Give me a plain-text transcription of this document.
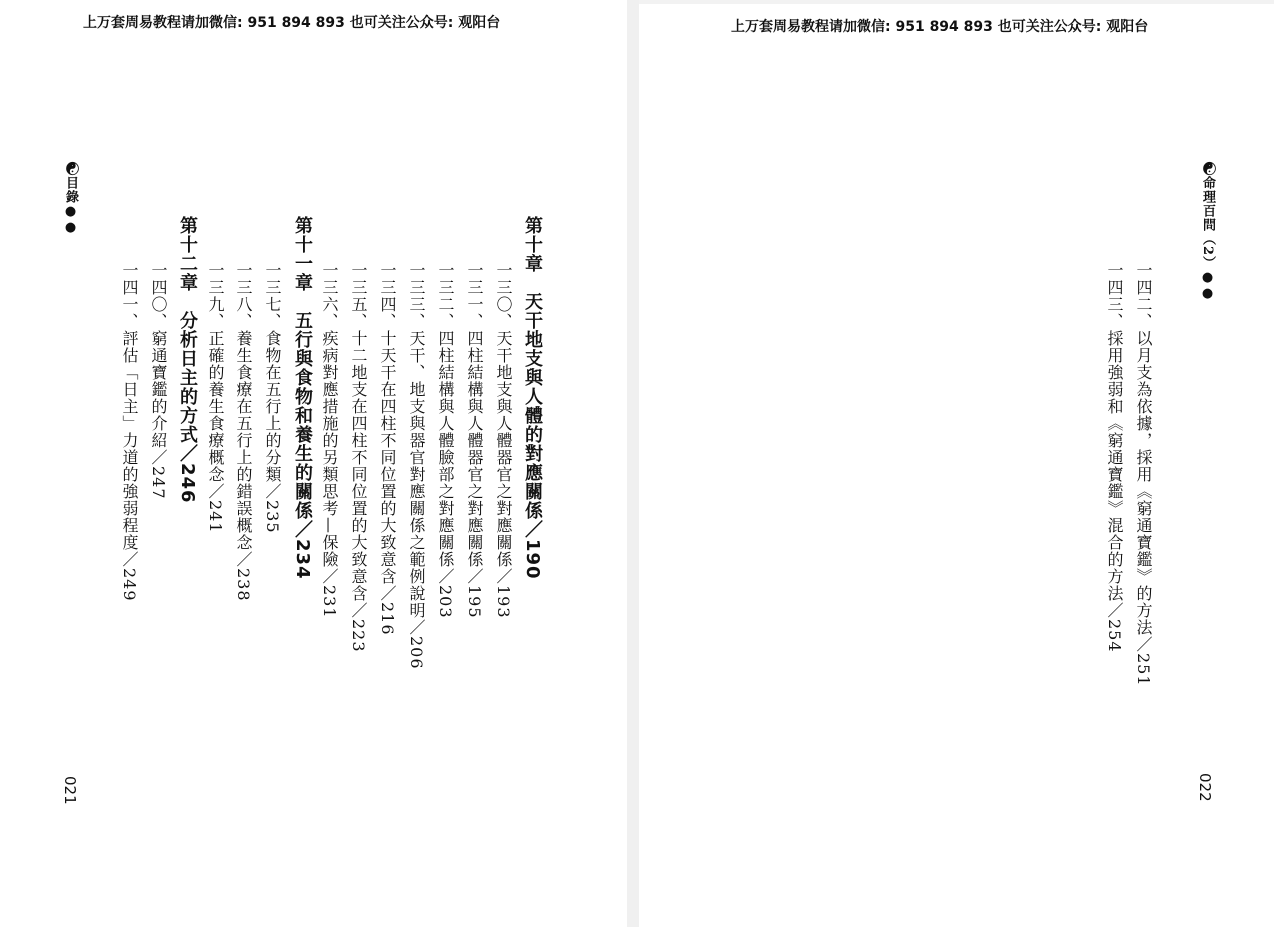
上万套周易教程请加微信: 951 894 893 也可关注公众号: 观阳台
☯目錄●●
第十章　天干地支與人體的對應關係／190
一三〇、天干地支與人體器官之對應關係／193
一三一、四柱結構與人體器官之對應關係／195
一三二、四柱結構與人體臉部之對應關係／203
一三三、天干、地支與器官對應關係之範例說明／206
一三四、十天干在四柱不同位置的大致意含／216
一三五、十二地支在四柱不同位置的大致意含／223
一三六、疾病對應措施的另類思考—保險／231
第十一章　五行與食物和養生的關係／234
一三七、食物在五行上的分類／235
一三八、養生食療在五行上的錯誤概念／238
一三九、正確的養生食療概念／241
第十二章　分析日主的方式／246
一四〇、窮通寶鑑的介紹／247
一四一、評估「日主」力道的強弱程度／249
021
上万套周易教程请加微信: 951 894 893 也可关注公众号: 观阳台
☯命理百問（2）●●
一四二、以月支為依據，採用《窮通寶鑑》的方法／251
一四三、採用強弱和《窮通寶鑑》混合的方法／254
022
